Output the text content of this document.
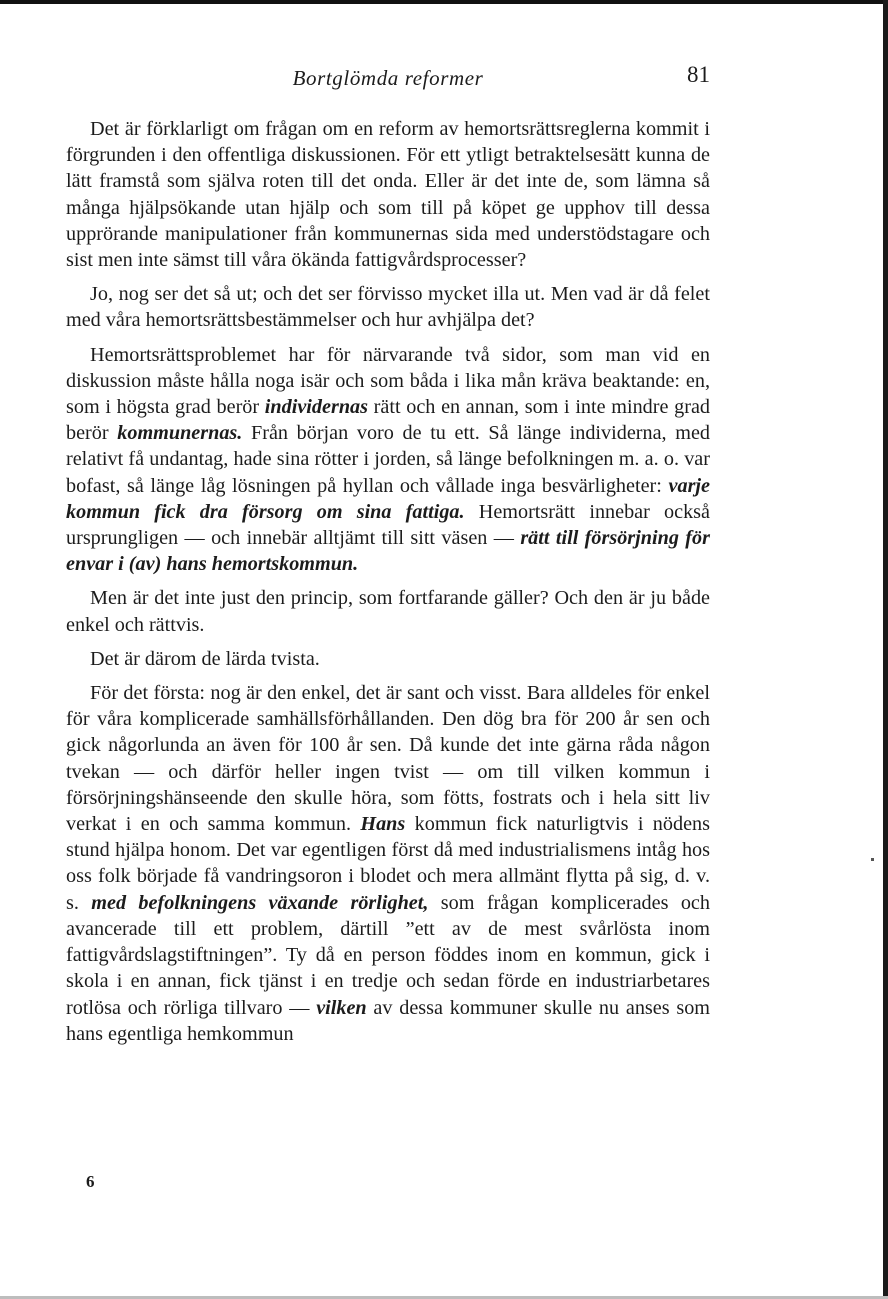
Bortglömda reformer	81

Det är förklarligt om frågan om en reform av hemortsrättsreglerna kommit i förgrunden i den offentliga diskussionen. För ett ytligt betraktelsesätt kunna de lätt framstå som själva roten till det onda. Eller är det inte de, som lämna så många hjälpsökande utan hjälp och som till på köpet ge upphov till dessa upprörande manipulationer från kommunernas sida med understödstagare och sist men inte sämst till våra ökända fattigvårdsprocesser?

Jo, nog ser det så ut; och det ser förvisso mycket illa ut. Men vad är då felet med våra hemortsrättsbestämmelser och hur avhjälpa det?

Hemortsrättsproblemet har för närvarande två sidor, som man vid en diskussion måste hålla noga isär och som båda i lika mån kräva beaktande: en, som i högsta grad berör individernas rätt och en annan, som i inte mindre grad berör kommunernas. Från början voro de tu ett. Så länge individerna, med relativt få undantag, hade sina rötter i jorden, så länge befolkningen m. a. o. var bofast, så länge låg lösningen på hyllan och vållade inga besvärligheter: varje kommun fick dra försorg om sina fattiga. Hemortsrätt innebar också ursprungligen — och innebär alltjämt till sitt väsen — rätt till försörjning för envar i (av) hans hemortskommun.

Men är det inte just den princip, som fortfarande gäller? Och den är ju både enkel och rättvis.

Det är därom de lärda tvista.

För det första: nog är den enkel, det är sant och visst. Bara alldeles för enkel för våra komplicerade samhällsförhållanden. Den dög bra för 200 år sen och gick någorlunda an även för 100 år sen. Då kunde det inte gärna råda någon tvekan — och därför heller ingen tvist — om till vilken kommun i försörjningshänseende den skulle höra, som fötts, fostrats och i hela sitt liv verkat i en och samma kommun. Hans kommun fick naturligtvis i nödens stund hjälpa honom. Det var egentligen först då med industrialismens intåg hos oss folk började få vandringsoron i blodet och mera allmänt flytta på sig, d. v. s. med befolkningens växande rörlighet, som frågan komplicerades och avancerade till ett problem, därtill ”ett av de mest svårlösta inom fattigvårdslagstiftningen”. Ty då en person föddes inom en kommun, gick i skola i en annan, fick tjänst i en tredje och sedan förde en industriarbetares rotlösa och rörliga tillvaro — vilken av dessa kommuner skulle nu anses som hans egentliga hemkommun

6
